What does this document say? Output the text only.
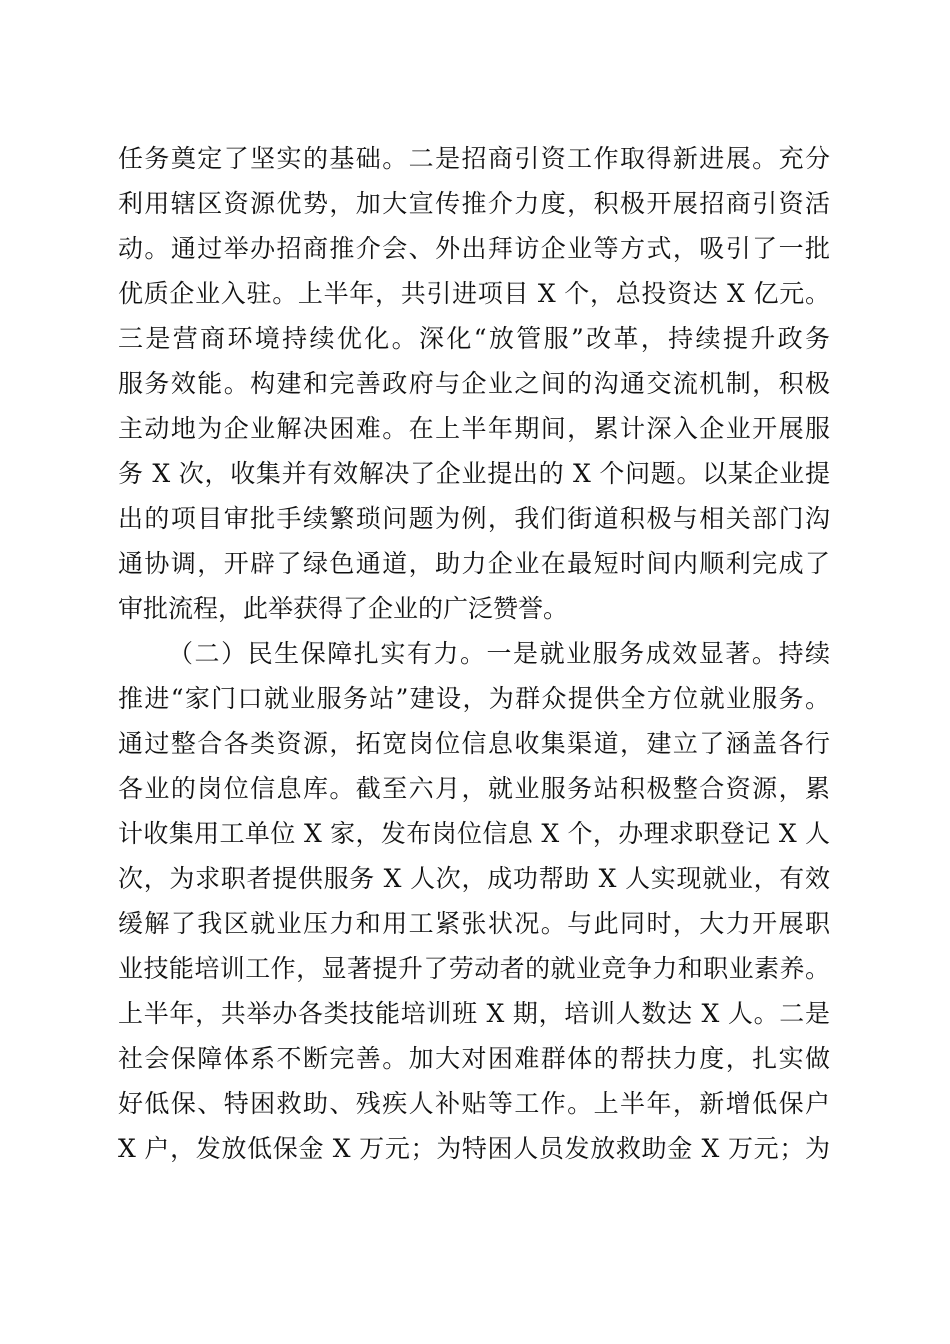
任务奠定了坚实的基础。二是招商引资工作取得新进展。充分
利用辖区资源优势，加大宣传推介力度，积极开展招商引资活
动。通过举办招商推介会、外出拜访企业等方式，吸引了一批
优质企业入驻。上半年，共引进项目 X 个，总投资达 X 亿元。
三是营商环境持续优化。深化“放管服”改革，持续提升政务
服务效能。构建和完善政府与企业之间的沟通交流机制，积极
主动地为企业解决困难。在上半年期间，累计深入企业开展服
务 X 次，收集并有效解决了企业提出的 X 个问题。以某企业提
出的项目审批手续繁琐问题为例，我们街道积极与相关部门沟
通协调，开辟了绿色通道，助力企业在最短时间内顺利完成了
审批流程，此举获得了企业的广泛赞誉。
（二）民生保障扎实有力。一是就业服务成效显著。持续
推进“家门口就业服务站”建设，为群众提供全方位就业服务。
通过整合各类资源，拓宽岗位信息收集渠道，建立了涵盖各行
各业的岗位信息库。截至六月，就业服务站积极整合资源，累
计收集用工单位 X 家，发布岗位信息 X 个，办理求职登记 X 人
次，为求职者提供服务 X 人次，成功帮助 X 人实现就业，有效
缓解了我区就业压力和用工紧张状况。与此同时，大力开展职
业技能培训工作，显著提升了劳动者的就业竞争力和职业素养。
上半年，共举办各类技能培训班 X 期，培训人数达 X 人。二是
社会保障体系不断完善。加大对困难群体的帮扶力度，扎实做
好低保、特困救助、残疾人补贴等工作。上半年，新增低保户
X 户，发放低保金 X 万元；为特困人员发放救助金 X 万元；为
